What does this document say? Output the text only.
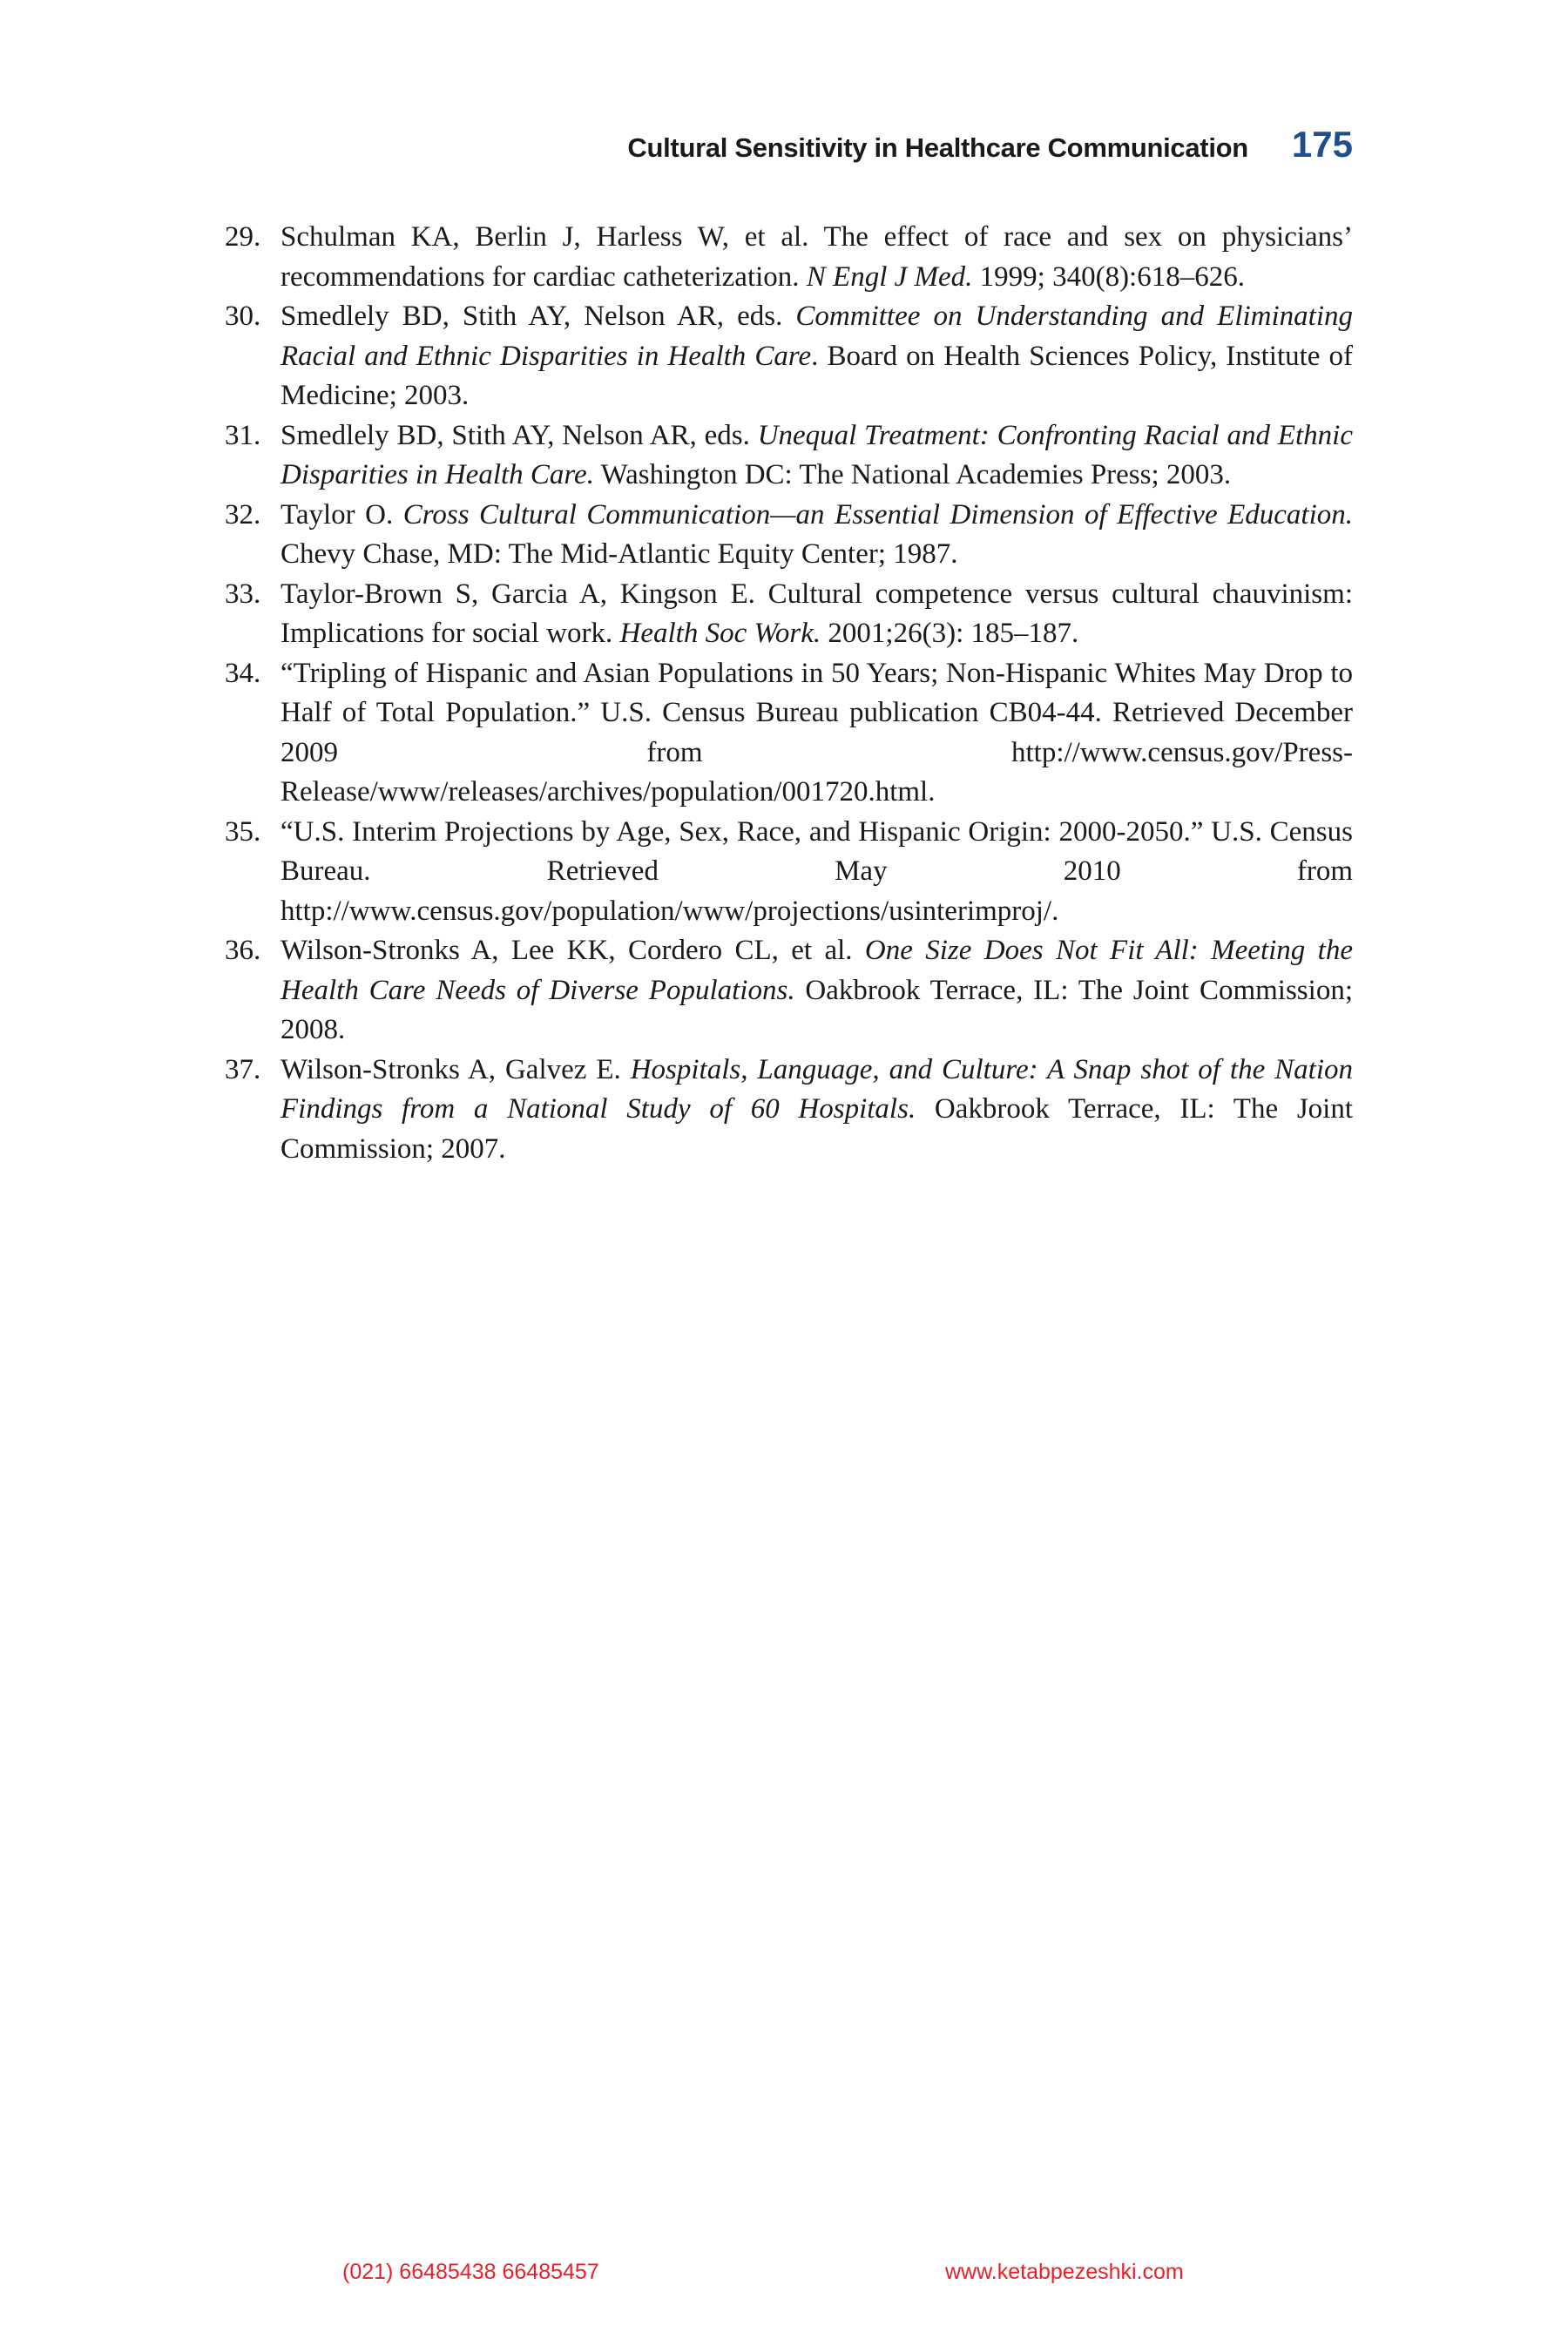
Cultural Sensitivity in Healthcare Communication 175
29. Schulman KA, Berlin J, Harless W, et al. The effect of race and sex on physicians’ recommendations for cardiac catheterization. N Engl J Med. 1999; 340(8):618–626.
30. Smedlely BD, Stith AY, Nelson AR, eds. Committee on Understanding and Eliminating Racial and Ethnic Disparities in Health Care. Board on Health Sciences Policy, Institute of Medicine; 2003.
31. Smedlely BD, Stith AY, Nelson AR, eds. Unequal Treatment: Confronting Racial and Ethnic Disparities in Health Care. Washington DC: The National Academies Press; 2003.
32. Taylor O. Cross Cultural Communication—an Essential Dimension of Effective Education. Chevy Chase, MD: The Mid-Atlantic Equity Center; 1987.
33. Taylor-Brown S, Garcia A, Kingson E. Cultural competence versus cultural chauvinism: Implications for social work. Health Soc Work. 2001;26(3): 185–187.
34. “Tripling of Hispanic and Asian Populations in 50 Years; Non-Hispanic Whites May Drop to Half of Total Population.” U.S. Census Bureau publication CB04-44. Retrieved December 2009 from http://www.census.gov/Press-Release/www/releases/archives/population/001720.html.
35. “U.S. Interim Projections by Age, Sex, Race, and Hispanic Origin: 2000-2050.” U.S. Census Bureau. Retrieved May 2010 from http://www.census.gov/population/www/projections/usinterimproj/.
36. Wilson-Stronks A, Lee KK, Cordero CL, et al. One Size Does Not Fit All: Meeting the Health Care Needs of Diverse Populations. Oakbrook Terrace, IL: The Joint Commission; 2008.
37. Wilson-Stronks A, Galvez E. Hospitals, Language, and Culture: A Snap shot of the Nation Findings from a National Study of 60 Hospitals. Oakbrook Terrace, IL: The Joint Commission; 2007.
(021) 66485438 66485457	www.ketabpezeshki.com
